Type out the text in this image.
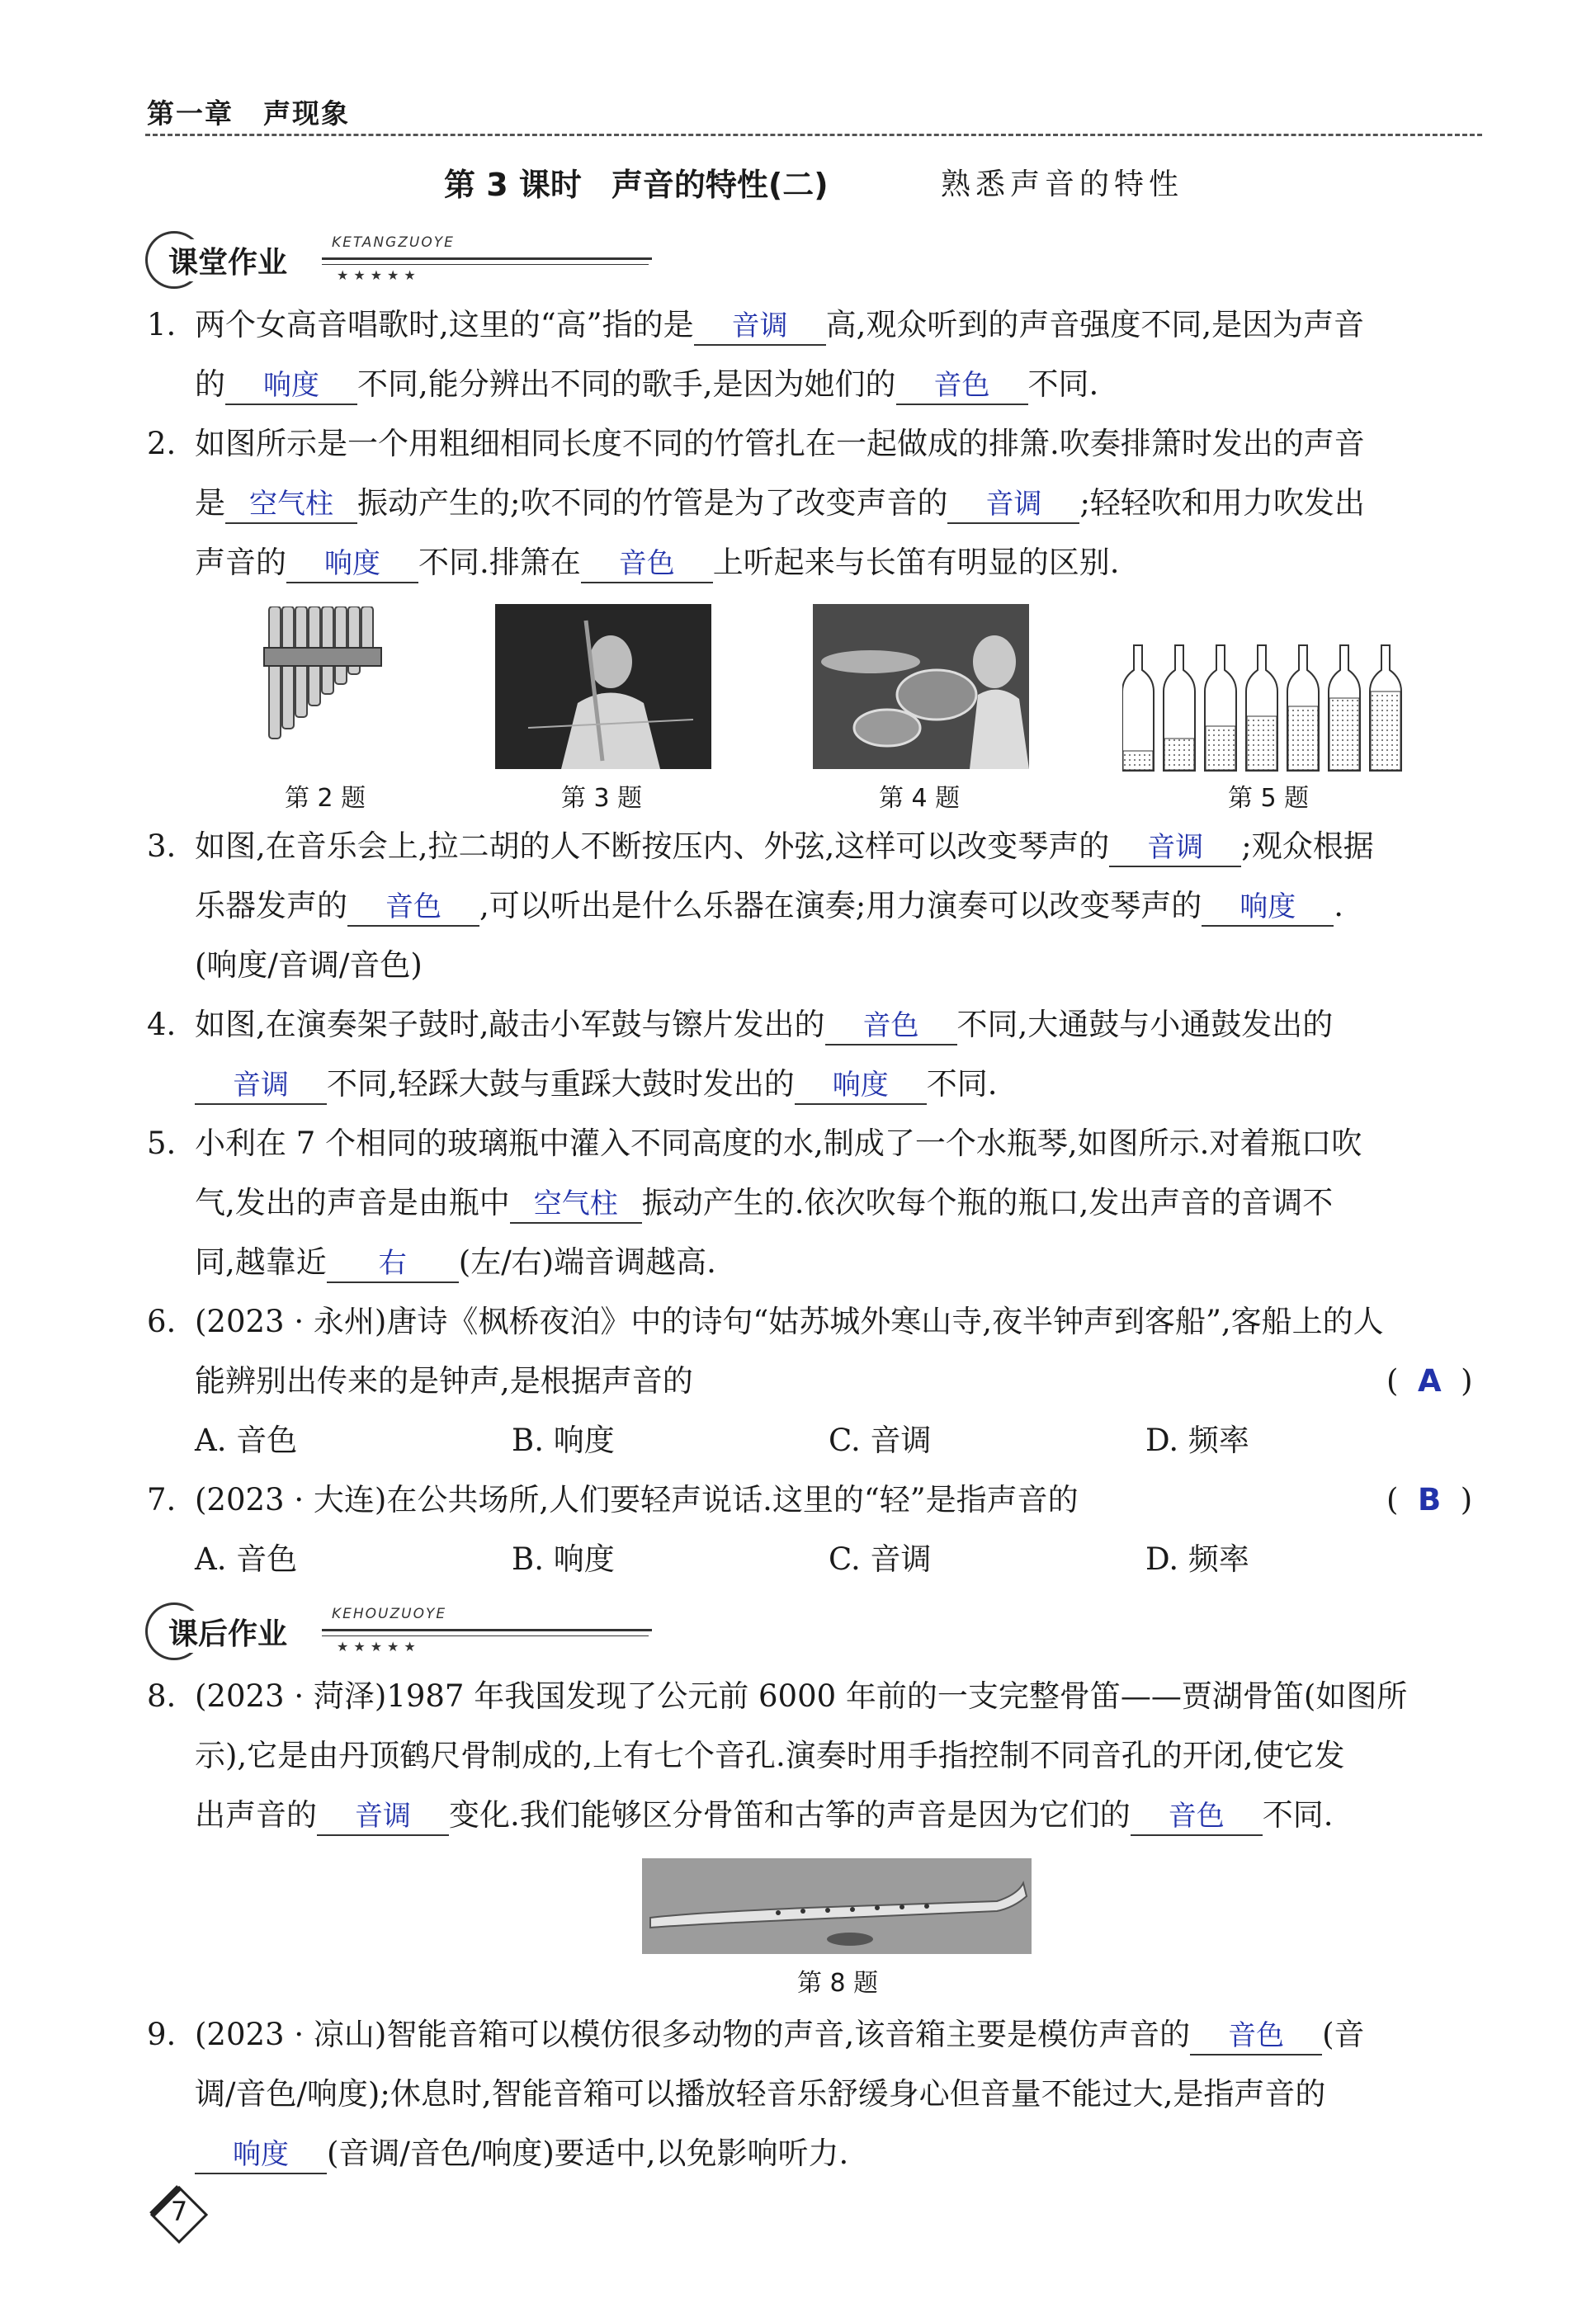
第一章 声现象
第 3 课时 声音的特性(二)	熟悉声音的特性
课堂作业
KETANGZUOYE
★★★★★
1. 两个女高音唱歌时,这里的“高”指的是 音调 高,观众听到的声音强度不同,是因为声音
的 响度 不同,能分辨出不同的歌手,是因为她们的 音色 不同.
2. 如图所示是一个用粗细相同长度不同的竹管扎在一起做成的排箫.吹奏排箫时发出的声音
是 空气柱 振动产生的;吹不同的竹管是为了改变声音的 音调 ;轻轻吹和用力吹发出
声音的 响度 不同.排箫在 音色 上听起来与长笛有明显的区别.
第 2 题	第 3 题	第 4 题	第 5 题
3. 如图,在音乐会上,拉二胡的人不断按压内、外弦,这样可以改变琴声的 音调 ;观众根据
乐器发声的 音色 ,可以听出是什么乐器在演奏;用力演奏可以改变琴声的 响度 .
(响度/音调/音色)
4. 如图,在演奏架子鼓时,敲击小军鼓与镲片发出的 音色 不同,大通鼓与小通鼓发出的
音调 不同,轻踩大鼓与重踩大鼓时发出的 响度 不同.
5. 小利在 7 个相同的玻璃瓶中灌入不同高度的水,制成了一个水瓶琴,如图所示.对着瓶口吹
气,发出的声音是由瓶中 空气柱 振动产生的.依次吹每个瓶的瓶口,发出声音的音调不
同,越靠近 右 (左/右)端音调越高.
6. (2023 · 永州)唐诗《枫桥夜泊》中的诗句“姑苏城外寒山寺,夜半钟声到客船”,客船上的人
能辨别出传来的是钟声,是根据声音的	(  A  )
A. 音色	B. 响度	C. 音调	D. 频率
7. (2023 · 大连)在公共场所,人们要轻声说话.这里的“轻”是指声音的	(  B  )
A. 音色	B. 响度	C. 音调	D. 频率
课后作业
KEHOUZUOYE
★★★★★
8. (2023 · 菏泽)1987 年我国发现了公元前 6000 年前的一支完整骨笛——贾湖骨笛(如图所
示),它是由丹顶鹤尺骨制成的,上有七个音孔.演奏时用手指控制不同音孔的开闭,使它发
出声音的 音调 变化.我们能够区分骨笛和古筝的声音是因为它们的 音色 不同.
第 8 题
9. (2023 · 凉山)智能音箱可以模仿很多动物的声音,该音箱主要是模仿声音的 音色 (音
调/音色/响度);休息时,智能音箱可以播放轻音乐舒缓身心但音量不能过大,是指声音的
响度 (音调/音色/响度)要适中,以免影响听力.
7
